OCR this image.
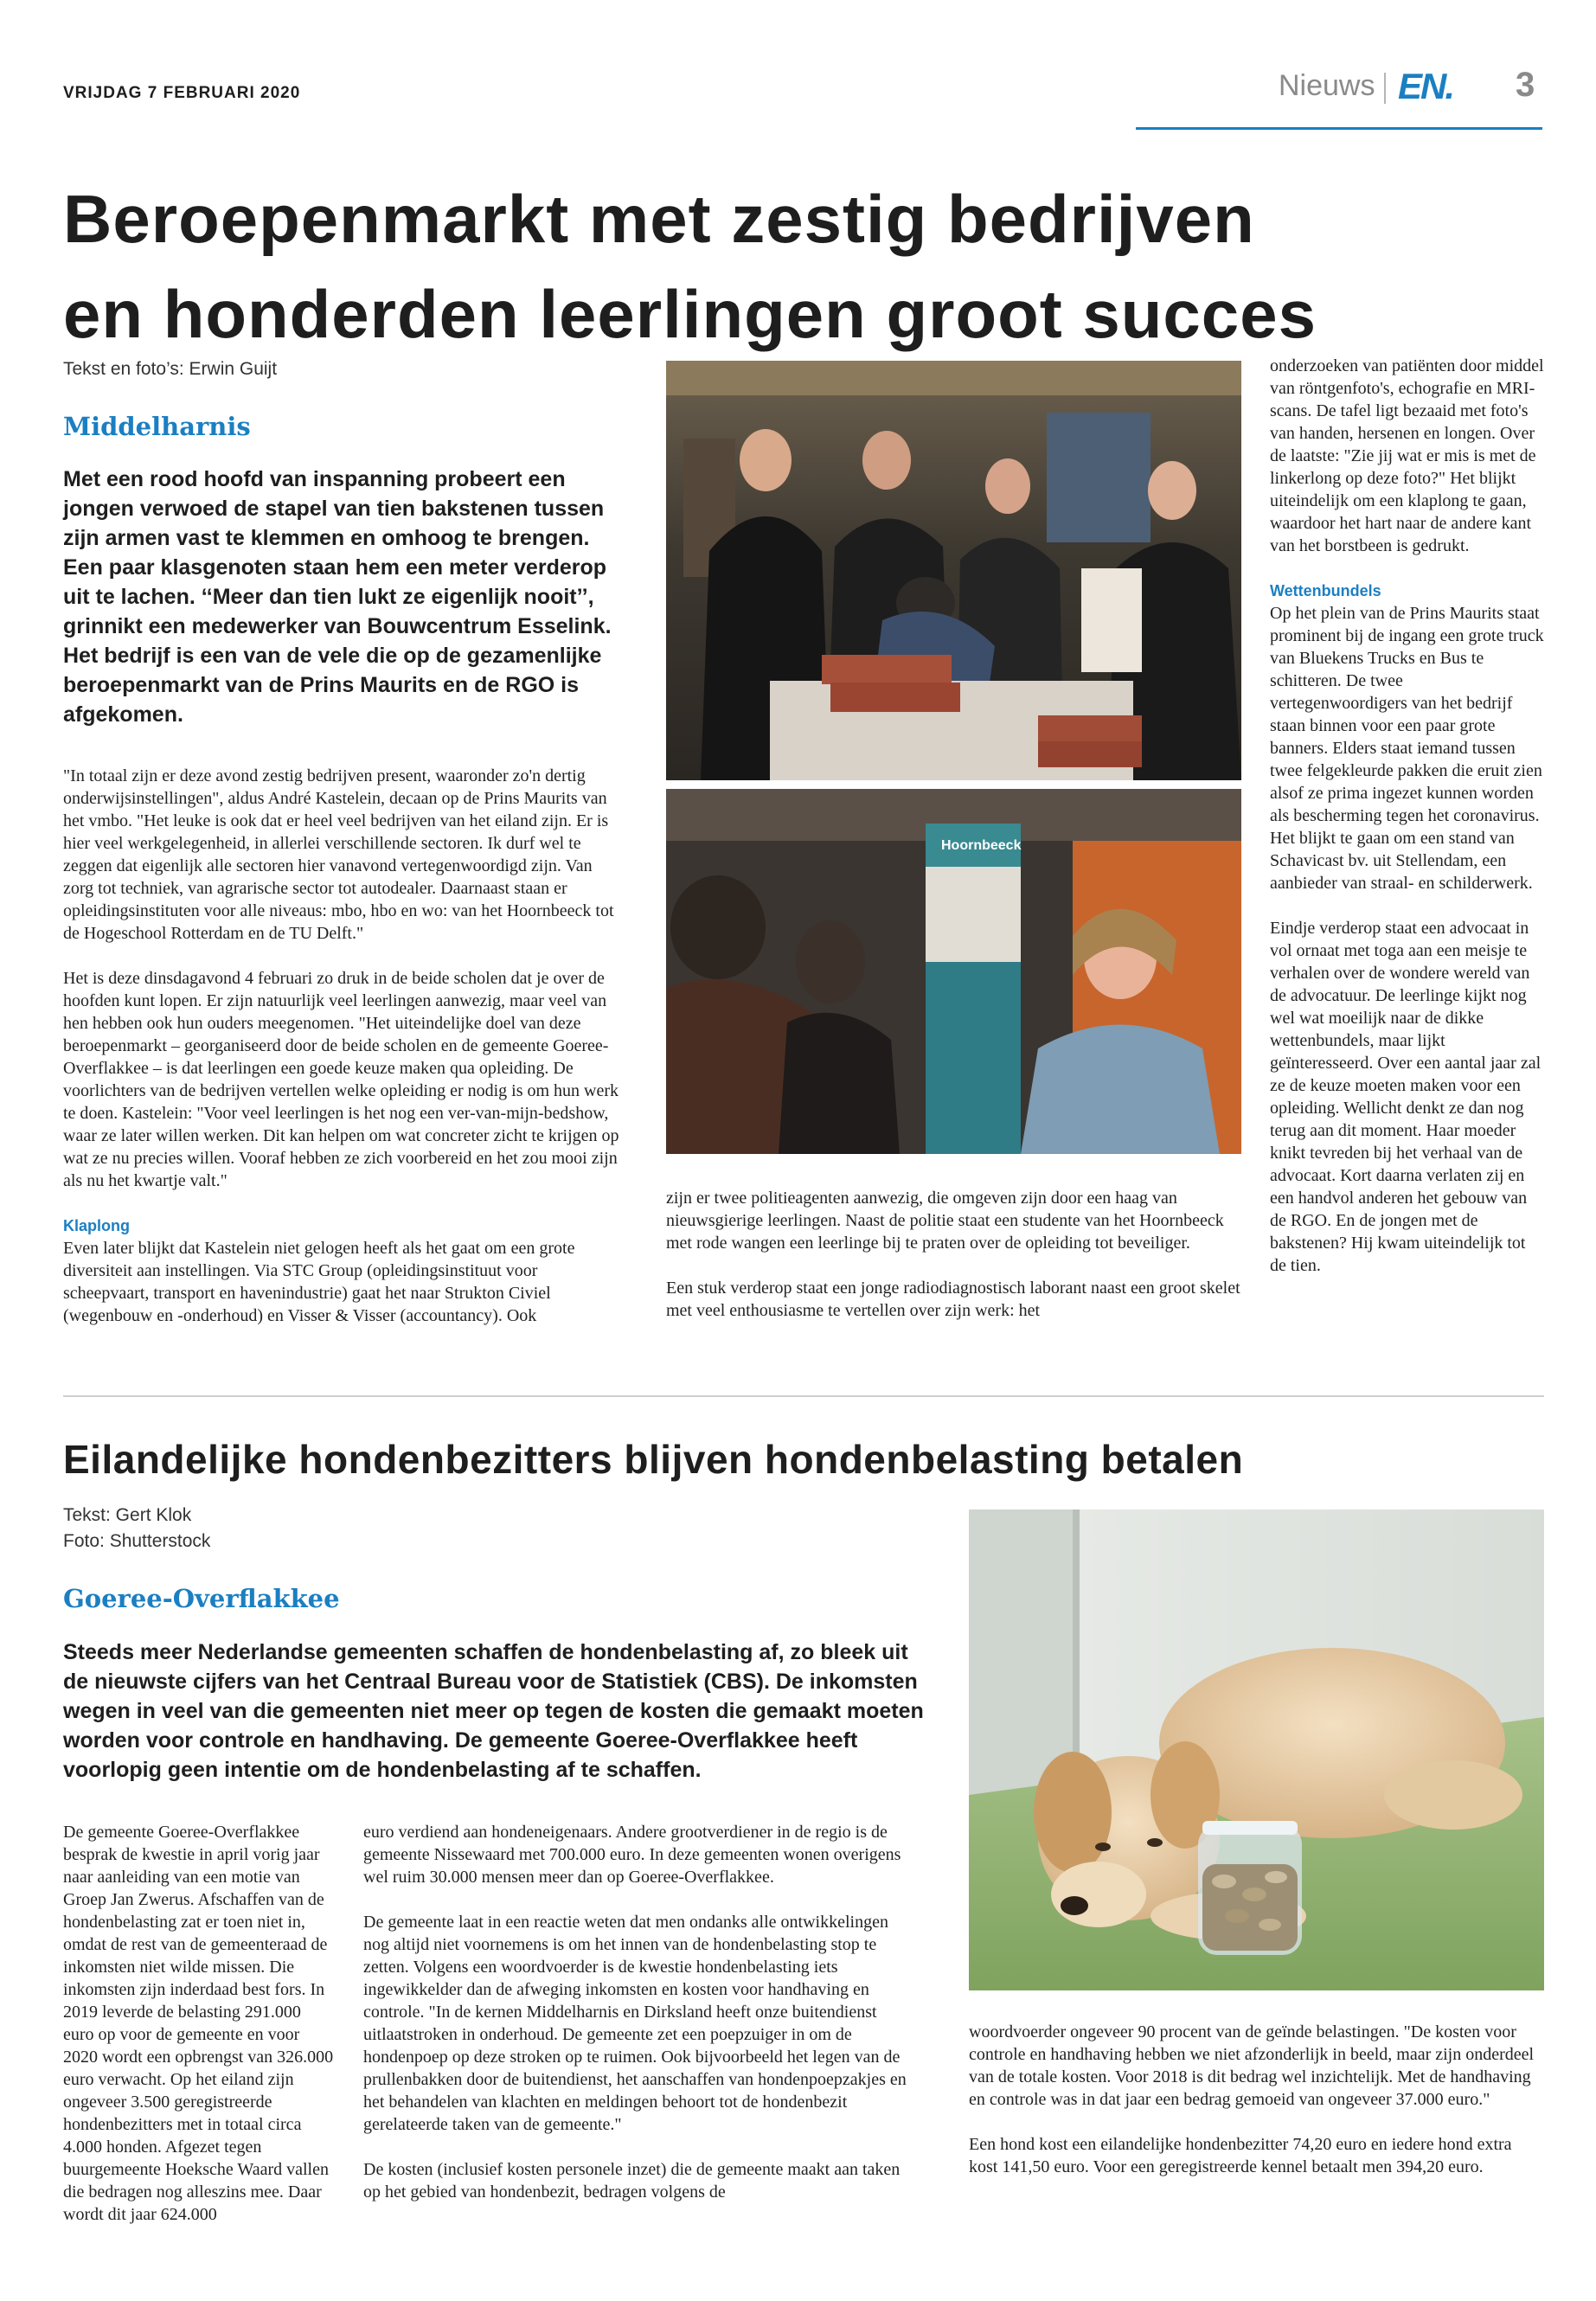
VRIJDAG 7 FEBRUARI 2020	Nieuws EN. 3
Beroepenmarkt met zestig bedrijven
en honderden leerlingen groot succes
Tekst en foto’s: Erwin Guijt
Middelharnis
Met een rood hoofd van inspanning probeert een jongen verwoed de stapel van tien bakstenen tussen zijn armen vast te klemmen en omhoog te brengen. Een paar klasgenoten staan hem een meter verderop uit te lachen. ‘‘Meer dan tien lukt ze eigenlijk nooit’’, grinnikt een medewerker van Bouwcentrum Esselink. Het bedrijf is een van de vele die op de gezamenlijke beroepenmarkt van de Prins Maurits en de RGO is afgekomen.

"In totaal zijn er deze avond zestig bedrijven present, waaronder zo'n dertig onderwijsinstellingen", aldus André Kastelein, decaan op de Prins Maurits van het vmbo. "Het leuke is ook dat er heel veel bedrijven van het eiland zijn. Er is hier veel werkgelegenheid, in allerlei verschillende sectoren. Ik durf wel te zeggen dat eigenlijk alle sectoren hier vanavond vertegenwoordigd zijn. Van zorg tot techniek, van agrarische sector tot autodealer. Daarnaast staan er opleidingsinstituten voor alle niveaus: mbo, hbo en wo: van het Hoornbeeck tot de Hogeschool Rotterdam en de TU Delft."

Het is deze dinsdagavond 4 februari zo druk in de beide scholen dat je over de hoofden kunt lopen. Er zijn natuurlijk veel leerlingen aanwezig, maar veel van hen hebben ook hun ouders meegenomen. "Het uiteindelijke doel van deze beroepenmarkt – georganiseerd door de beide scholen en de gemeente Goeree-Overflakkee – is dat leerlingen een goede keuze maken qua opleiding. De voorlichters van de bedrijven vertellen welke opleiding er nodig is om hun werk te doen. Kastelein: "Voor veel leerlingen is het nog een ver-van-mijn-bedshow, waar ze later willen werken. Dit kan helpen om wat concreter zicht te krijgen op wat ze nu precies willen. Vooraf hebben ze zich voorbereid en het zou mooi zijn als nu het kwartje valt."

Klaplong

Even later blijkt dat Kastelein niet gelogen heeft als het gaat om een grote diversiteit aan instellingen. Via STC Group (opleidingsinstituut voor scheepvaart, transport en havenindustrie) gaat het naar Strukton Civiel (wegenbouw en -onderhoud) en Visser & Visser (accountancy). Ook

Hoornbeeck

zijn er twee politieagenten aanwezig, die omgeven zijn door een haag van nieuwsgierige leerlingen. Naast de politie staat een studente van het Hoornbeeck met rode wangen een leerlinge bij te praten over de opleiding tot beveiliger.

Een stuk verderop staat een jonge radiodiagnostisch laborant naast een groot skelet met veel enthousiasme te vertellen over zijn werk: het

onderzoeken van patiënten door middel van röntgenfoto's, echografie en MRI-scans. De tafel ligt bezaaid met foto's van handen, hersenen en longen. Over de laatste: "Zie jij wat er mis is met de linkerlong op deze foto?" Het blijkt uiteindelijk om een klaplong te gaan, waardoor het hart naar de andere kant van het borstbeen is gedrukt.

Wettenbundels

Op het plein van de Prins Maurits staat prominent bij de ingang een grote truck van Bluekens Trucks en Bus te schitteren. De twee vertegenwoordigers van het bedrijf staan binnen voor een paar grote banners. Elders staat iemand tussen twee felgekleurde pakken die eruit zien alsof ze prima ingezet kunnen worden als bescherming tegen het coronavirus. Het blijkt te gaan om een stand van Schavicast bv. uit Stellendam, een aanbieder van straal- en schilderwerk.

Eindje verderop staat een advocaat in vol ornaat met toga aan een meisje te verhalen over de wondere wereld van de advocatuur. De leerlinge kijkt nog wel wat moeilijk naar de dikke wettenbundels, maar lijkt geïnteresseerd. Over een aantal jaar zal ze de keuze moeten maken voor een opleiding. Wellicht denkt ze dan nog terug aan dit moment. Haar moeder knikt tevreden bij het verhaal van de advocaat. Kort daarna verlaten zij en een handvol anderen het gebouw van de RGO. En de jongen met de bakstenen? Hij kwam uiteindelijk tot de tien.

Eilandelijke hondenbezitters blijven hondenbelasting betalen
Tekst: Gert Klok
Foto: Shutterstock
Goeree-Overflakkee
Steeds meer Nederlandse gemeenten schaffen de hondenbelasting af, zo bleek uit de nieuwste cijfers van het Centraal Bureau voor de Statistiek (CBS). De inkomsten wegen in veel van die gemeenten niet meer op tegen de kosten die gemaakt moeten worden voor controle en handhaving. De gemeente Goeree-Overflakkee heeft voorlopig geen intentie om de hondenbelasting af te schaffen.

De gemeente Goeree-Overflakkee besprak de kwestie in april vorig jaar naar aanleiding van een motie van Groep Jan Zwerus. Afschaffen van de hondenbelasting zat er toen niet in, omdat de rest van de gemeenteraad de inkomsten niet wilde missen. Die inkomsten zijn inderdaad best fors. In 2019 leverde de belasting 291.000 euro op voor de gemeente en voor 2020 wordt een opbrengst van 326.000 euro verwacht. Op het eiland zijn ongeveer 3.500 geregistreerde hondenbezitters met in totaal circa 4.000 honden. Afgezet tegen buurgemeente Hoeksche Waard vallen die bedragen nog alleszins mee. Daar wordt dit jaar 624.000

euro verdiend aan hondeneigenaars. Andere grootverdiener in de regio is de gemeente Nissewaard met 700.000 euro. In deze gemeenten wonen overigens wel ruim 30.000 mensen meer dan op Goeree-Overflakkee.

De gemeente laat in een reactie weten dat men ondanks alle ontwikkelingen nog altijd niet voornemens is om het innen van de hondenbelasting stop te zetten. Volgens een woordvoerder is de kwestie hondenbelasting iets ingewikkelder dan de afweging inkomsten en kosten voor handhaving en controle. "In de kernen Middelharnis en Dirksland heeft onze buitendienst uitlaatstroken in onderhoud. De gemeente zet een poepzuiger in om de hondenpoep op deze stroken op te ruimen. Ook bijvoorbeeld het legen van de prullenbakken door de buitendienst, het aanschaffen van hondenpoepzakjes en het behandelen van klachten en meldingen behoort tot de hondenbezit gerelateerde taken van de gemeente."

De kosten (inclusief kosten personele inzet) die de gemeente maakt aan taken op het gebied van hondenbezit, bedragen volgens de

woordvoerder ongeveer 90 procent van de geïnde belastingen. "De kosten voor controle en handhaving hebben we niet afzonderlijk in beeld, maar zijn onderdeel van de totale kosten. Voor 2018 is dit bedrag wel inzichtelijk. Met de handhaving en controle was in dat jaar een bedrag gemoeid van ongeveer 37.000 euro."

Een hond kost een eilandelijke hondenbezitter 74,20 euro en iedere hond extra kost 141,50 euro. Voor een geregistreerde kennel betaalt men 394,20 euro.
